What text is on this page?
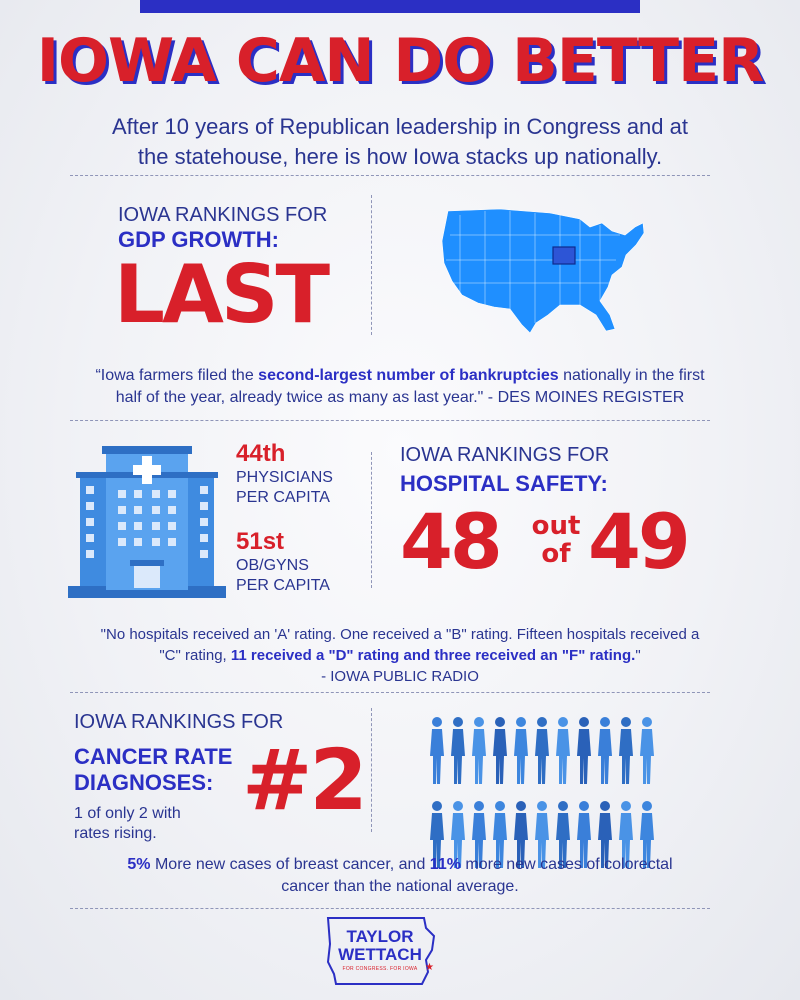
IOWA CAN DO BETTER
After 10 years of Republican leadership in Congress and at
the statehouse, here is how Iowa stacks up nationally.
IOWA RANKINGS FOR
GDP GROWTH:
LAST
“Iowa farmers filed the second-largest number of bankruptcies nationally in the first
half of the year, already twice as many as last year." - DES MOINES REGISTER
44th
PHYSICIANS
PER CAPITA
51st
OB/GYNS
PER CAPITA
IOWA RANKINGS FOR
HOSPITAL SAFETY:
48 out
of 49
"No hospitals received an 'A' rating. One received a "B" rating. Fifteen hospitals received a
"C" rating, 11 received a "D" rating and three received an "F" rating."
- IOWA PUBLIC RADIO
IOWA RANKINGS FOR
CANCER RATE
DIAGNOSES:
1 of only 2 with
rates rising.
#2
5% More new cases of breast cancer, and 11% more new cases of colorectal
cancer than the national average.
TAYLOR
WETTACH
FOR CONGRESS. FOR IOWA ★
